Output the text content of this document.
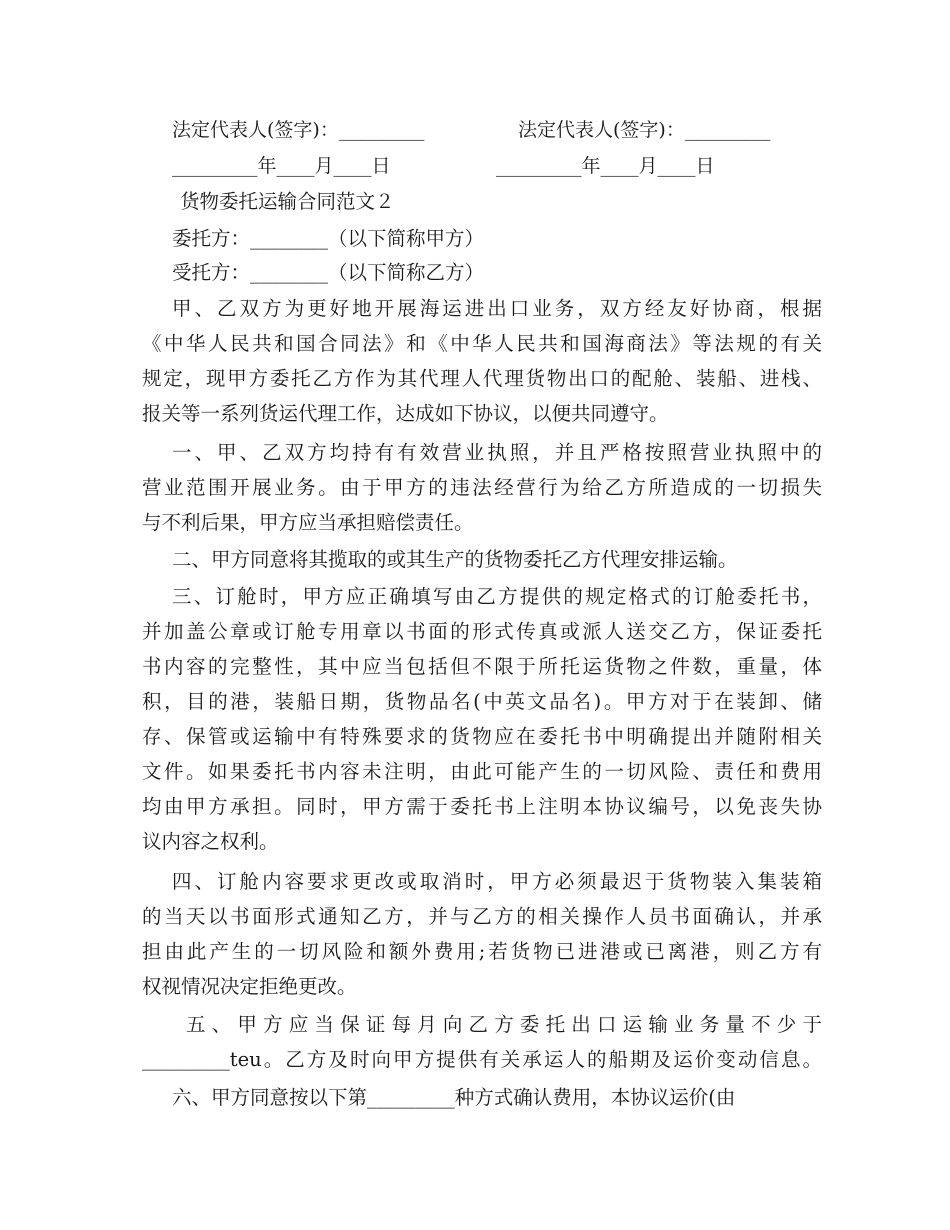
法定代表人(签字)：_________	法定代表人(签字)：_________
_________年____月____日	_________年____月____日
货物委托运输合同范文２
委托方：________（以下简称甲方）
受托方：________（以下简称乙方）
甲、乙双方为更好地开展海运进出口业务，双方经友好协商，根据
《中华人民共和国合同法》和《中华人民共和国海商法》等法规的有关
规定，现甲方委托乙方作为其代理人代理货物出口的配舱、装船、进栈、
报关等一系列货运代理工作，达成如下协议，以便共同遵守。
一、甲、乙双方均持有有效营业执照，并且严格按照营业执照中的
营业范围开展业务。由于甲方的违法经营行为给乙方所造成的一切损失
与不利后果，甲方应当承担赔偿责任。
二、甲方同意将其揽取的或其生产的货物委托乙方代理安排运输。
三、订舱时，甲方应正确填写由乙方提供的规定格式的订舱委托书，
并加盖公章或订舱专用章以书面的形式传真或派人送交乙方，保证委托
书内容的完整性，其中应当包括但不限于所托运货物之件数，重量，体
积，目的港，装船日期，货物品名(中英文品名)。甲方对于在装卸、储
存、保管或运输中有特殊要求的货物应在委托书中明确提出并随附相关
文件。如果委托书内容未注明，由此可能产生的一切风险、责任和费用
均由甲方承担。同时，甲方需于委托书上注明本协议编号，以免丧失协
议内容之权利。
四、订舱内容要求更改或取消时，甲方必须最迟于货物装入集装箱
的当天以书面形式通知乙方，并与乙方的相关操作人员书面确认，并承
担由此产生的一切风险和额外费用;若货物已进港或已离港，则乙方有
权视情况决定拒绝更改。
五、甲方应当保证每月向乙方委托出口运输业务量不少于
_________teu。乙方及时向甲方提供有关承运人的船期及运价变动信息。
六、甲方同意按以下第_________种方式确认费用，本协议运价(由
